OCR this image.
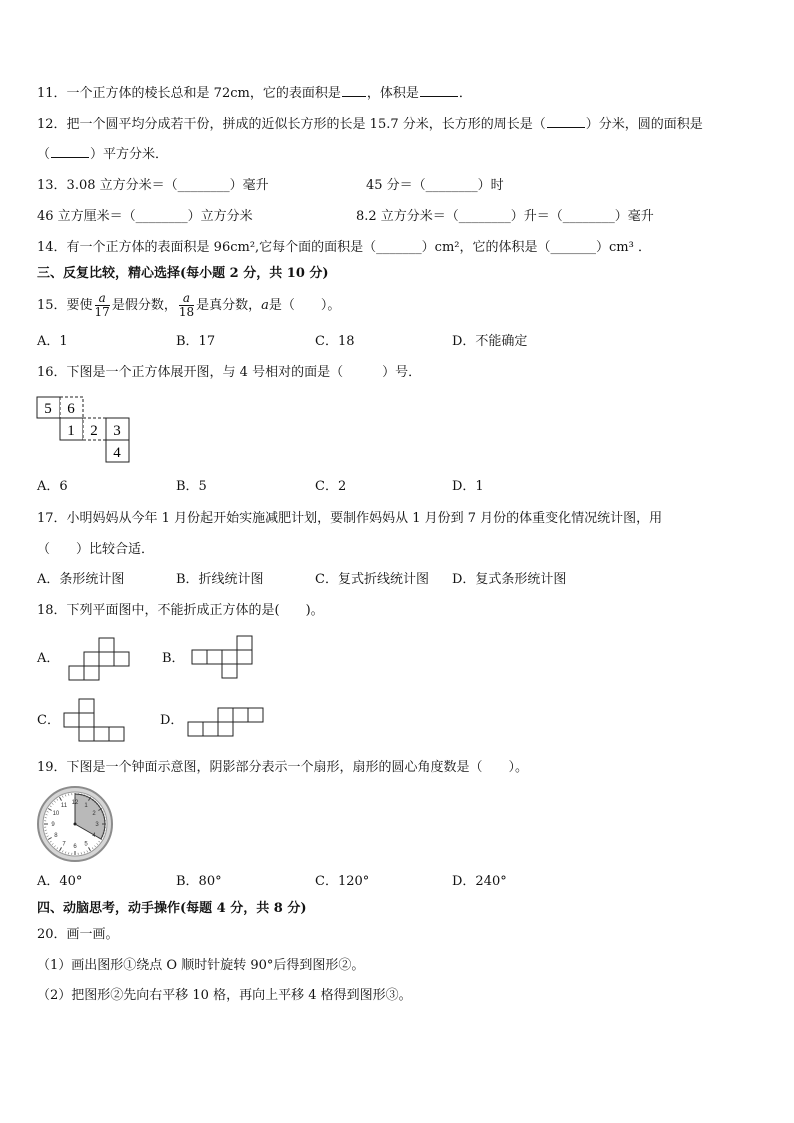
11．一个正方体的棱长总和是 72cm，它的表面积是 ，体积是	．
12．把一个圆平均分成若干份，拼成的近似长方形的长是 15.7 分米，长方形的周长是（	）分米，圆的面积是
（	）平方分米．
13．3.08 立方分米＝（________）毫升	45 分＝（________）时
46 立方厘米＝（________）立方分米	8.2 立方分米＝（________）升＝（________）毫升
14．有一个正方体的表面积是 96cm²,它每个面的面积是（_______）cm²，它的体积是（_______）cm³ ．
三、反复比较，精心选择(每小题 2 分，共 10 分)
15．要使 $\frac{a}{17}$ 是假分数， $\frac{a}{18}$ 是真分数，a是（　　）。
A．1	B．17	C．18	D．不能确定
16．下图是一个正方体展开图，与 4 号相对的面是（　　　）号．
5 6
1 2 3
4
12 1
2
3
4
5
6
7
8
9
10
11
A．6	B．5	C．2	D．1
17．小明妈妈从今年 1 月份起开始实施减肥计划，要制作妈妈从 1 月份到 7 月份的体重变化情况统计图，用
（　　）比较合适．
A．条形统计图	B．折线统计图	C．复式折线统计图 D．复式条形统计图
18．下列平面图中，不能折成正方体的是(　　)。
A．	B．
C．	D．
19．下图是一个钟面示意图，阴影部分表示一个扇形，扇形的圆心角度数是（　　）。
A．40°	B．80°	C．120°	D．240°
四、动脑思考，动手操作(每题 4 分，共 8 分)
20．画一画。
（1）画出图形①绕点 O 顺时针旋转 90°后得到图形②。
（2）把图形②先向右平移 10 格，再向上平移 4 格得到图形③。
